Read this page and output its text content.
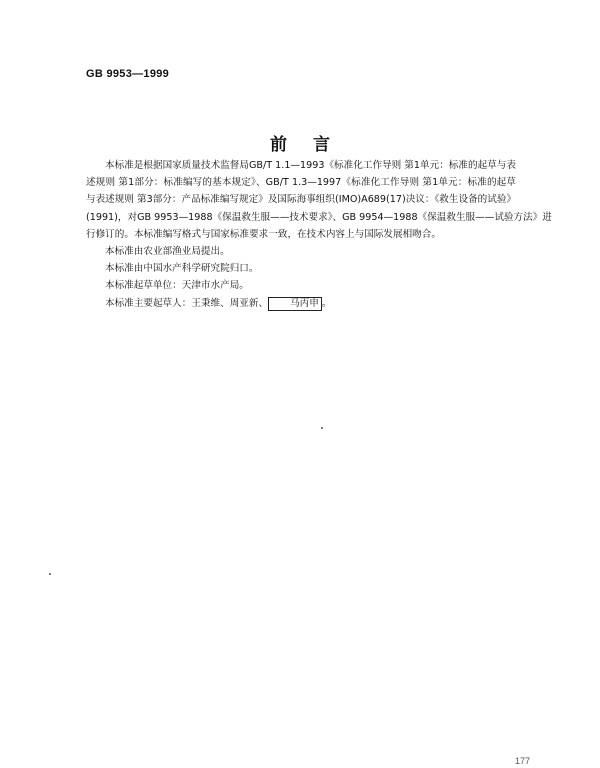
GB 9953—1999
前言
本标准是根据国家质量技术监督局GB/T 1.1—1993《标准化工作导则 第1单元：标准的起草与表
述规则 第1部分：标准编写的基本规定》、GB/T 1.3—1997《标准化工作导则 第1单元：标准的起草
与表述规则 第3部分：产品标准编写规定》及国际海事组织(IMO)A689(17)决议：《救生设备的试验》
(1991)，对GB 9953—1988《保温救生服——技术要求》、GB 9954—1988《保温救生服——试验方法》进
行修订的。本标准编写格式与国家标准要求一致，在技术内容上与国际发展相吻合。
本标准由农业部渔业局提出。
本标准由中国水产科学研究院归口。
本标准起草单位：天津市水产局。
本标准主要起草人：王秉维、周亚新、 马丙申 。
177
